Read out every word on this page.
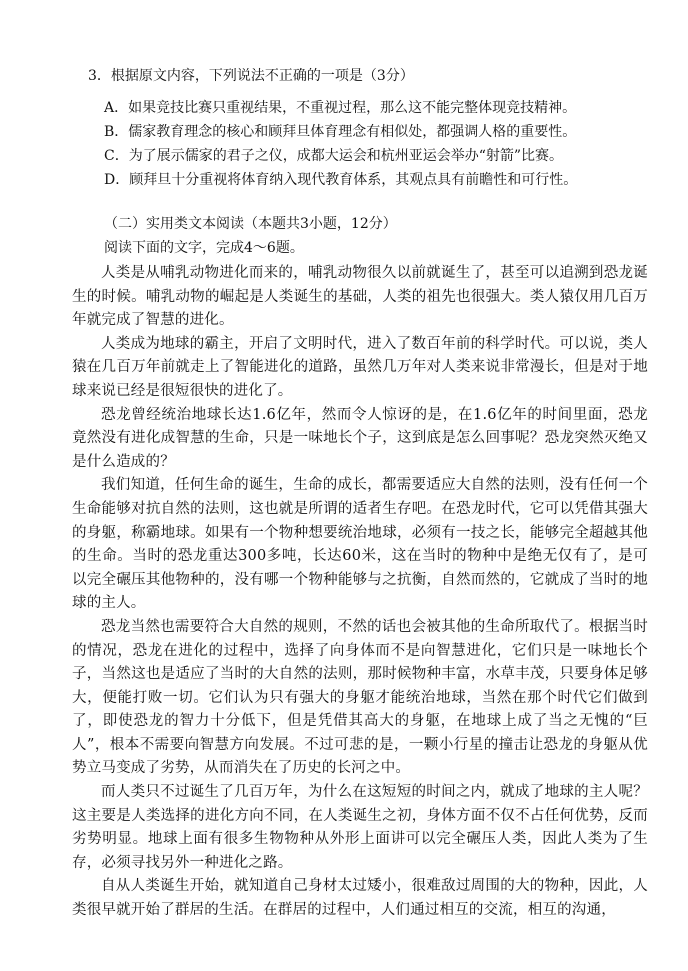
3．根据原文内容，下列说法不正确的一项是（3分）
A．如果竞技比赛只重视结果，不重视过程，那么这不能完整体现竞技精神。
B．儒家教育理念的核心和顾拜旦体育理念有相似处，都强调人格的重要性。
C．为了展示儒家的君子之仪，成都大运会和杭州亚运会举办“射箭”比赛。
D．顾拜旦十分重视将体育纳入现代教育体系，其观点具有前瞻性和可行性。
（二）实用类文本阅读（本题共3小题，12分）
阅读下面的文字，完成4～6题。

人类是从哺乳动物进化而来的，哺乳动物很久以前就诞生了，甚至可以追溯到恐龙诞生的时候。哺乳动物的崛起是人类诞生的基础，人类的祖先也很强大。类人猿仅用几百万年就完成了智慧的进化。

人类成为地球的霸主，开启了文明时代，进入了数百年前的科学时代。可以说，类人猿在几百万年前就走上了智能进化的道路，虽然几万年对人类来说非常漫长，但是对于地球来说已经是很短很快的进化了。

恐龙曾经统治地球长达1.6亿年，然而令人惊讶的是，在1.6亿年的时间里面，恐龙竟然没有进化成智慧的生命，只是一味地长个子，这到底是怎么回事呢？恐龙突然灭绝又是什么造成的？

我们知道，任何生命的诞生，生命的成长，都需要适应大自然的法则，没有任何一个生命能够对抗自然的法则，这也就是所谓的适者生存吧。在恐龙时代，它可以凭借其强大的身躯，称霸地球。如果有一个物种想要统治地球，必须有一技之长，能够完全超越其他的生命。当时的恐龙重达300多吨，长达60米，这在当时的物种中是绝无仅有了，是可以完全碾压其他物种的，没有哪一个物种能够与之抗衡，自然而然的，它就成了当时的地球的主人。

恐龙当然也需要符合大自然的规则，不然的话也会被其他的生命所取代了。根据当时的情况，恐龙在进化的过程中，选择了向身体而不是向智慧进化，它们只是一味地长个子，当然这也是适应了当时的大自然的法则，那时候物种丰富，水草丰茂，只要身体足够大，便能打败一切。它们认为只有强大的身躯才能统治地球，当然在那个时代它们做到了，即使恐龙的智力十分低下，但是凭借其高大的身躯，在地球上成了当之无愧的“巨人”，根本不需要向智慧方向发展。不过可悲的是，一颗小行星的撞击让恐龙的身躯从优势立马变成了劣势，从而消失在了历史的长河之中。

而人类只不过诞生了几百万年，为什么在这短短的时间之内，就成了地球的主人呢？这主要是人类选择的进化方向不同，在人类诞生之初，身体方面不仅不占任何优势，反而劣势明显。地球上面有很多生物物种从外形上面讲可以完全碾压人类，因此人类为了生存，必须寻找另外一种进化之路。

自从人类诞生开始，就知道自己身材太过矮小，很难敌过周围的大的物种，因此，人类很早就开始了群居的生活。在群居的过程中，人们通过相互的交流，相互的沟通，
